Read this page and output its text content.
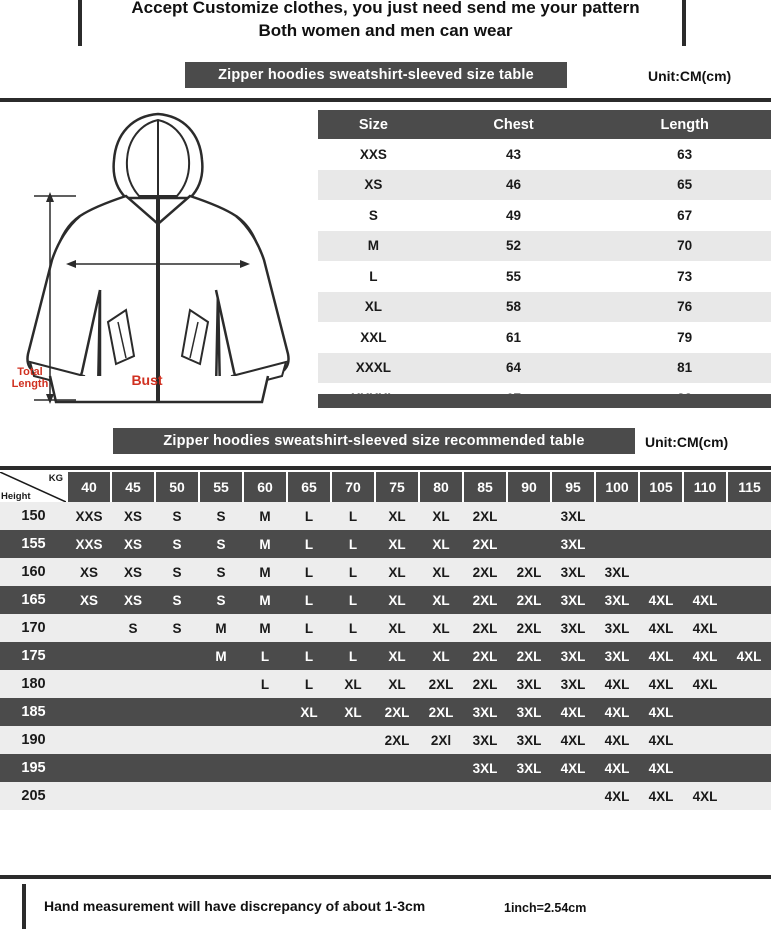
Accept Customize clothes, you just need send me your pattern

Both women and men can wear
Zipper hoodies sweatshirt-sleeved size table	Unit:CM(cm)
Total
Length	Bust
Size	Chest	Length
XXS	43	63
XS	46	65
S	49	67
M	52	70
L	55	73
XL	58	76
XXL	61	79
XXXL	64	81

Zipper hoodies sweatshirt-sleeved size recommended table	Unit:CM(cm)
KG
Height	40	45	50	55	60	65	70	75	80	85	90	95	100	105	110	115
150	XXS	XS	S	S	M	L	L	XL	XL	2XL		3XL				
155	XXS	XS	S	S	M	L	L	XL	XL	2XL		3XL				
160	XS	XS	S	S	M	L	L	XL	XL	2XL	2XL	3XL	3XL			
165	XS	XS	S	S	M	L	L	XL	XL	2XL	2XL	3XL	3XL	4XL	4XL	
170		S	S	M	M	L	L	XL	XL	2XL	2XL	3XL	3XL	4XL	4XL	
175				M	L	L	L	XL	XL	2XL	2XL	3XL	3XL	4XL	4XL	4XL
180					L	L	XL	XL	2XL	2XL	3XL	3XL	4XL	4XL	4XL	
185						XL	XL	2XL	2XL	3XL	3XL	4XL	4XL	4XL		
190								2XL	2Xl	3XL	3XL	4XL	4XL	4XL		
195										3XL	3XL	4XL	4XL	4XL		
205													4XL	4XL	4XL	
Hand measurement will have discrepancy of about 1-3cm	1inch=2.54cm
